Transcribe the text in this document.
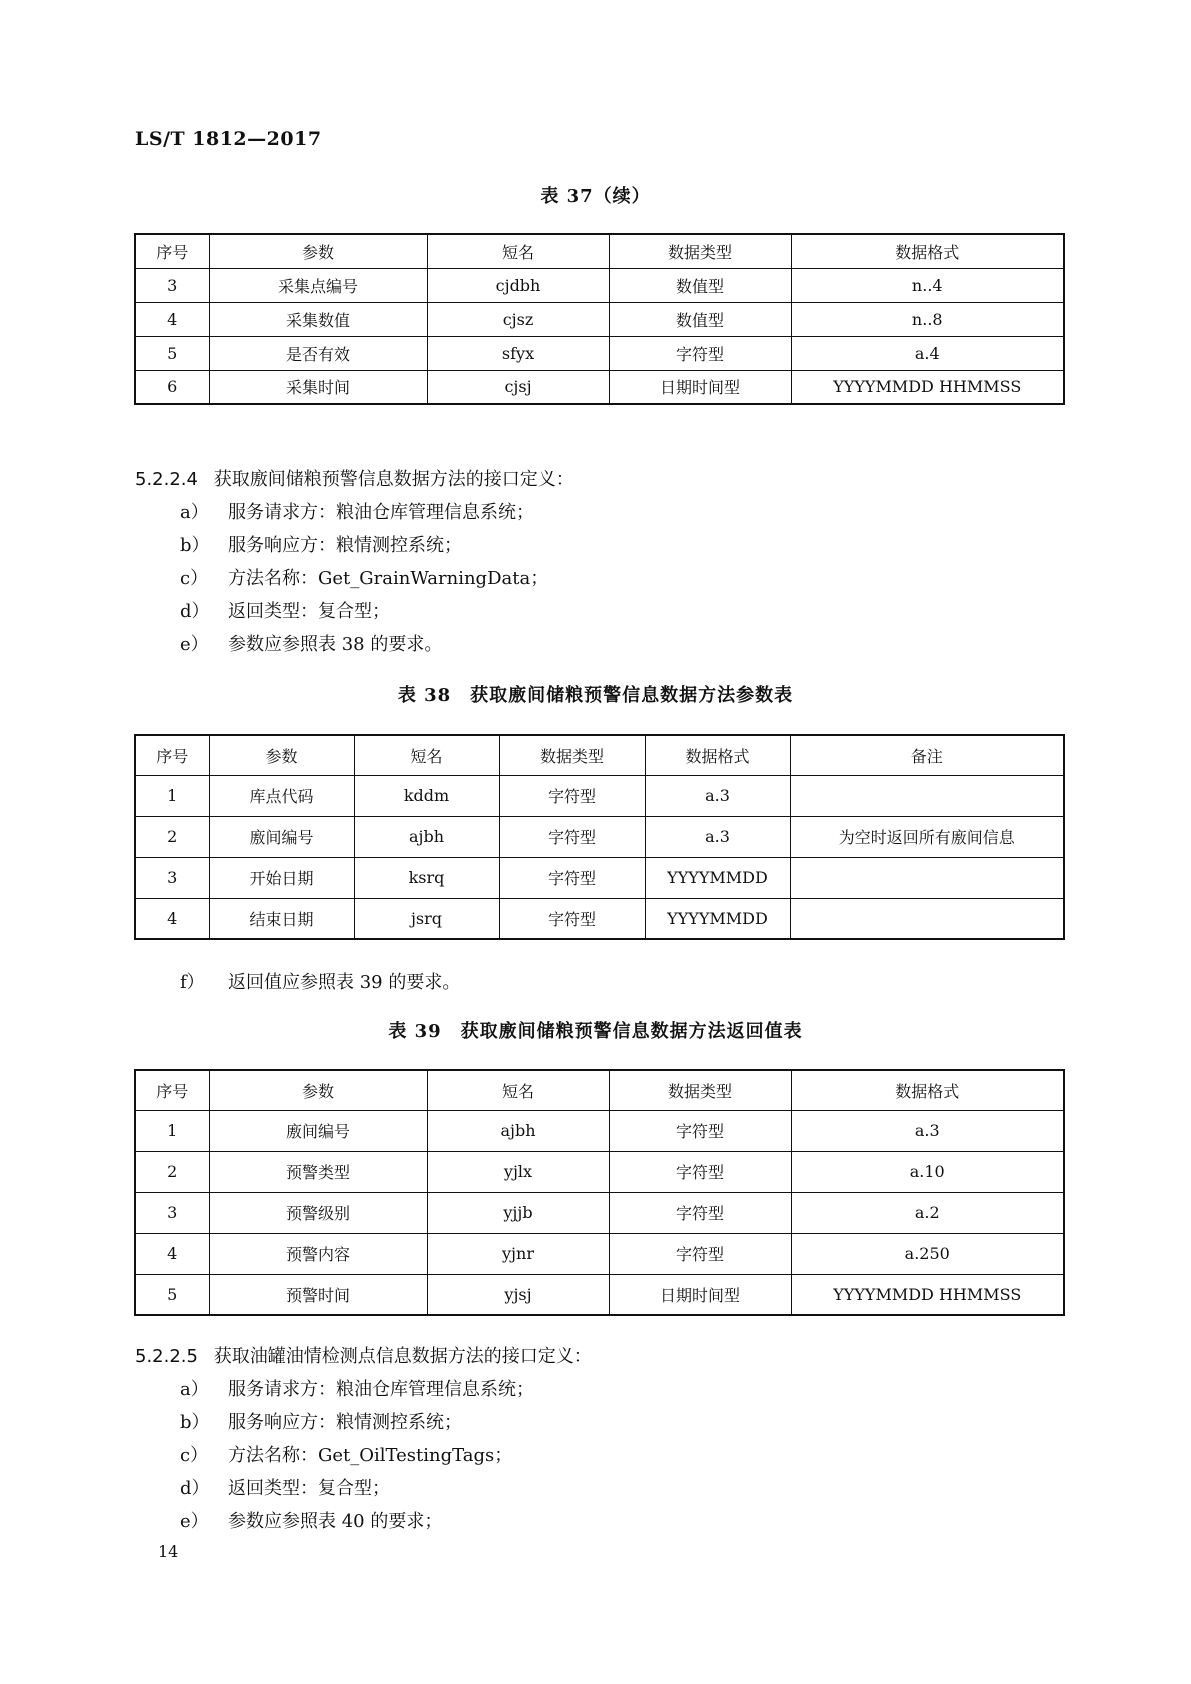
LS/T 1812—2017
表 37（续）
序号	参数	短名	数据类型	数据格式
3	采集点编号	cjdbh	数值型	n..4
4	采集数值	cjsz	数值型	n..8
5	是否有效	sfyx	字符型	a.4
6	采集时间	cjsj	日期时间型	YYYYMMDD HHMMSS
5.2.2.4 获取廒间储粮预警信息数据方法的接口定义：
a） 服务请求方：粮油仓库管理信息系统；
b） 服务响应方：粮情测控系统；
c） 方法名称：Get_GrainWarningData；
d） 返回类型：复合型；
e） 参数应参照表 38 的要求。
表 38　获取廒间储粮预警信息数据方法参数表
序号	参数	短名	数据类型	数据格式	备注
1	库点代码	kddm	字符型	a.3	
2	廒间编号	ajbh	字符型	a.3	为空时返回所有廒间信息
3	开始日期	ksrq	字符型	YYYYMMDD	
4	结束日期	jsrq	字符型	YYYYMMDD	
f） 返回值应参照表 39 的要求。
表 39　获取廒间储粮预警信息数据方法返回值表
序号	参数	短名	数据类型	数据格式
1	廒间编号	ajbh	字符型	a.3
2	预警类型	yjlx	字符型	a.10
3	预警级别	yjjb	字符型	a.2
4	预警内容	yjnr	字符型	a.250
5	预警时间	yjsj	日期时间型	YYYYMMDD HHMMSS
5.2.2.5 获取油罐油情检测点信息数据方法的接口定义：
a） 服务请求方：粮油仓库管理信息系统；
b） 服务响应方：粮情测控系统；
c） 方法名称：Get_OilTestingTags；
d） 返回类型：复合型；
e） 参数应参照表 40 的要求；
14
